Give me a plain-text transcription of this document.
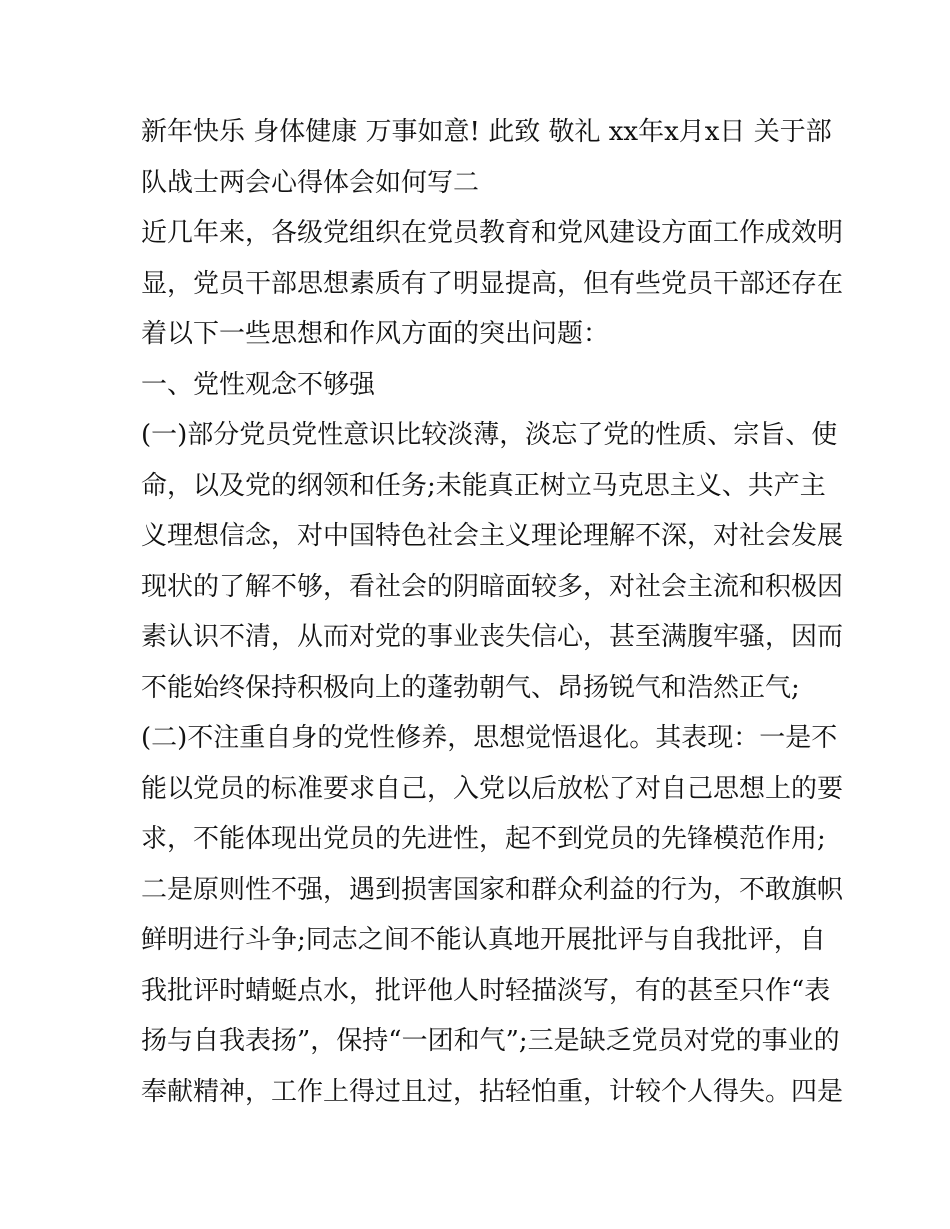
新年快乐 身体健康 万事如意! 此致 敬礼 xx年x月x日 关于部
队战士两会心得体会如何写二
近几年来，各级党组织在党员教育和党风建设方面工作成效明
显，党员干部思想素质有了明显提高，但有些党员干部还存在
着以下一些思想和作风方面的突出问题：
一、党性观念不够强
(一)部分党员党性意识比较淡薄，淡忘了党的性质、宗旨、使
命，以及党的纲领和任务;未能真正树立马克思主义、共产主
义理想信念，对中国特色社会主义理论理解不深，对社会发展
现状的了解不够，看社会的阴暗面较多，对社会主流和积极因
素认识不清，从而对党的事业丧失信心，甚至满腹牢骚，因而
不能始终保持积极向上的蓬勃朝气、昂扬锐气和浩然正气;
(二)不注重自身的党性修养，思想觉悟退化。其表现：一是不
能以党员的标准要求自己，入党以后放松了对自己思想上的要
求，不能体现出党员的先进性，起不到党员的先锋模范作用;
二是原则性不强，遇到损害国家和群众利益的行为，不敢旗帜
鲜明进行斗争;同志之间不能认真地开展批评与自我批评，自
我批评时蜻蜓点水，批评他人时轻描淡写，有的甚至只作“表
扬与自我表扬”，保持“一团和气”;三是缺乏党员对党的事业的
奉献精神，工作上得过且过，拈轻怕重，计较个人得失。四是
